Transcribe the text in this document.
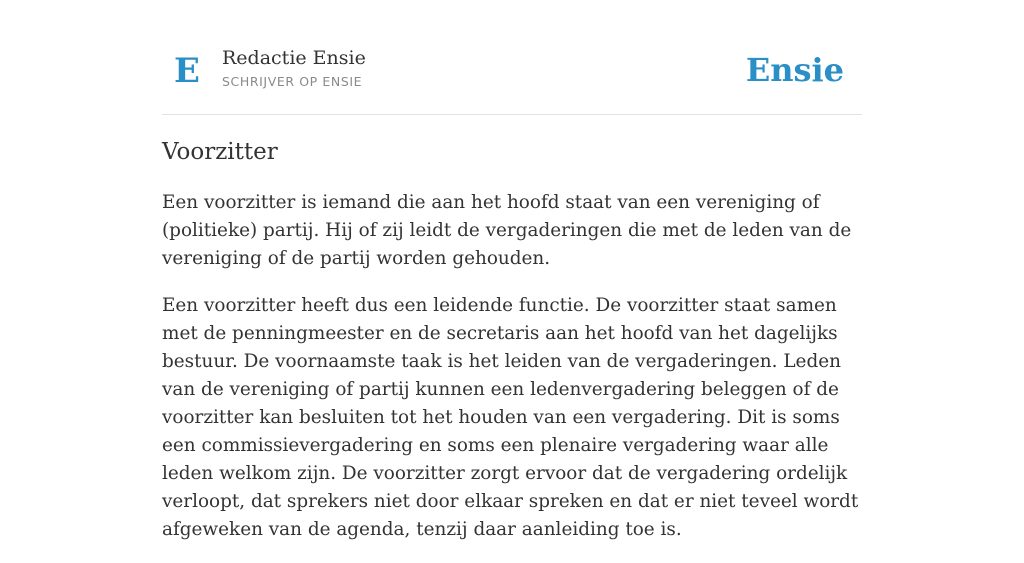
E Redactie Ensie
SCHRIJVER OP ENSIE	Ensie
Voorzitter

Een voorzitter is iemand die aan het hoofd staat van een vereniging of (politieke) partij. Hij of zij leidt de vergaderingen die met de leden van de vereniging of de partij worden gehouden.

Een voorzitter heeft dus een leidende functie. De voorzitter staat samen met de penningmeester en de secretaris aan het hoofd van het dagelijks bestuur. De voornaamste taak is het leiden van de vergaderingen. Leden van de vereniging of partij kunnen een ledenvergadering beleggen of de voorzitter kan besluiten tot het houden van een vergadering. Dit is soms een commissievergadering en soms een plenaire vergadering waar alle leden welkom zijn. De voorzitter zorgt ervoor dat de vergadering ordelijk verloopt, dat sprekers niet door elkaar spreken en dat er niet teveel wordt afgeweken van de agenda, tenzij daar aanleiding toe is.
